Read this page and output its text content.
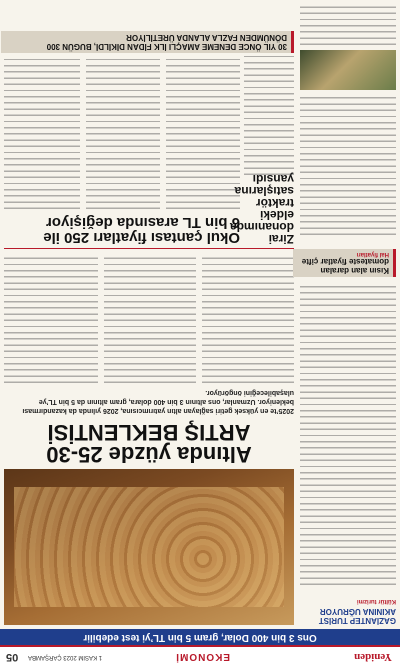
Yeniden
EKONOMİ
1 KASIM 2023 ÇARŞAMBA
05
Ons 3 bin 400 Dolar, gram 5 bin TL’yi test edebilir
Altında yüzde 25-30
ARTIŞ BEKLENTİSİ
2025’te en yüksek getiri sağlayan altın yatırımcısına, 2026 yılında da kazandırması bekleniyor. Uzmanlar, ons altının 3 bin 400 dolara, gram altının da 5 bin TL’ye ulaşabileceğini öngörüyor.
GAZİANTEP TURİST AKININA UĞRUYOR
Kültür turizmi
Okul çantası fiyatları 250 ile
6 bin TL arasında değişiyor
Zirai donanımda
eldeki
traktör
satışlarına
yansıdı
Kısın alan daralan domateste fiyatlar çifte
Hal fiyatları
30 YIL ÖNCE DENEME AMAÇLI İLK FİDAN DİKİLDİ, BUGÜN 300 DÖNÜMDEN FAZLA ALANDA ÜRETİLİYOR
